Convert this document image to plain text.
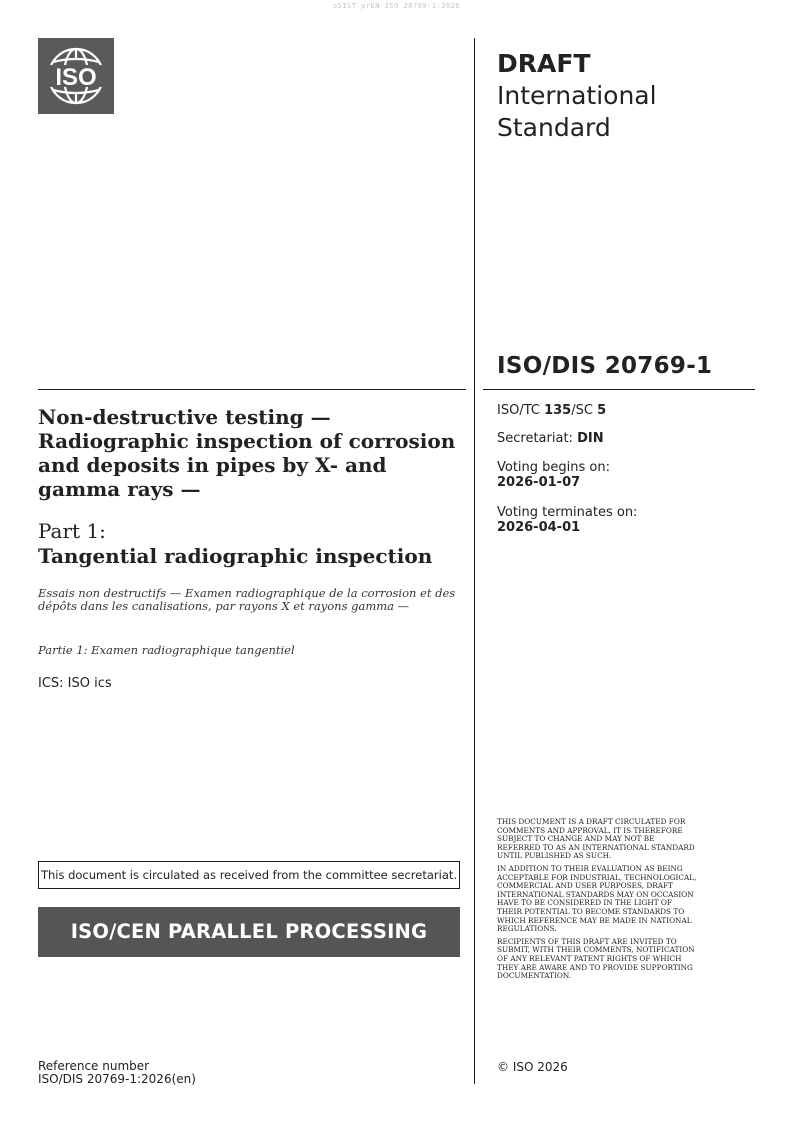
oSIST prEN ISO 20769-1:2026
ISO	DRAFT
International
Standard
ISO/DIS 20769-1
Non-destructive testing — Radiographic inspection of corrosion and deposits in pipes by X- and gamma rays —
Part 1:
Tangential radiographic inspection
Essais non destructifs — Examen radiographique de la corrosion et des dépôts dans les canalisations, par rayons X et rayons gamma —
Partie 1: Examen radiographique tangentiel
ICS: ISO ics
ISO/TC 135/SC 5
Secretariat: DIN
Voting begins on:
2026-01-07
Voting terminates on:
2026-04-01
This document is circulated as received from the committee secretariat.
ISO/CEN PARALLEL PROCESSING
Reference number
ISO/DIS 20769-1:2026(en)

THIS DOCUMENT IS A DRAFT CIRCULATED FOR COMMENTS AND APPROVAL. IT IS THEREFORE SUBJECT TO CHANGE AND MAY NOT BE REFERRED TO AS AN INTERNATIONAL STANDARD UNTIL PUBLISHED AS SUCH.

IN ADDITION TO THEIR EVALUATION AS BEING ACCEPTABLE FOR INDUSTRIAL, TECHNOLOGICAL, COMMERCIAL AND USER PURPOSES, DRAFT INTERNATIONAL STANDARDS MAY ON OCCASION HAVE TO BE CONSIDERED IN THE LIGHT OF THEIR POTENTIAL TO BECOME STANDARDS TO WHICH REFERENCE MAY BE MADE IN NATIONAL REGULATIONS.

RECIPIENTS OF THIS DRAFT ARE INVITED TO SUBMIT, WITH THEIR COMMENTS, NOTIFICATION OF ANY RELEVANT PATENT RIGHTS OF WHICH THEY ARE AWARE AND TO PROVIDE SUPPORTING DOCUMENTATION.

© ISO 2026
